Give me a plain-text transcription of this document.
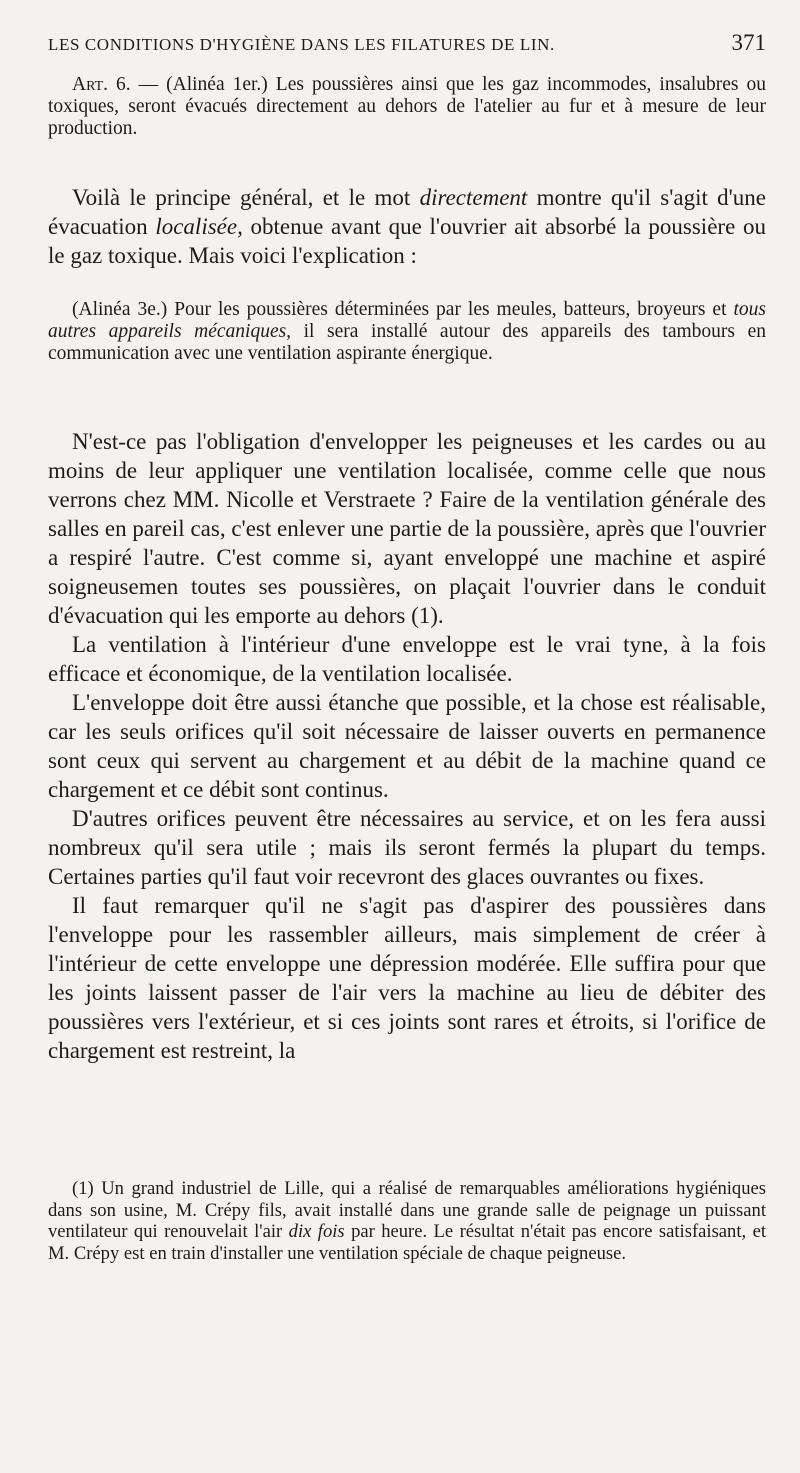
LES CONDITIONS D'HYGIÈNE DANS LES FILATURES DE LIN.	371

Art. 6. — (Alinéa 1er.) Les poussières ainsi que les gaz incommodes, insalubres ou toxiques, seront évacués directement au dehors de l'atelier au fur et à mesure de leur production.

Voilà le principe général, et le mot directement montre qu'il s'agit d'une évacuation localisée, obtenue avant que l'ouvrier ait absorbé la poussière ou le gaz toxique. Mais voici l'explication :

(Alinéa 3e.) Pour les poussières déterminées par les meules, batteurs, broyeurs et tous autres appareils mécaniques, il sera installé autour des appareils des tambours en communication avec une ventilation aspirante énergique.

N'est-ce pas l'obligation d'envelopper les peigneuses et les cardes ou au moins de leur appliquer une ventilation localisée, comme celle que nous verrons chez MM. Nicolle et Verstraete ? Faire de la ventilation générale des salles en pareil cas, c'est enlever une partie de la poussière, après que l'ouvrier a respiré l'autre. C'est comme si, ayant enveloppé une machine et aspiré soigneusemen toutes ses poussières, on plaçait l'ouvrier dans le conduit d'évacuation qui les emporte au dehors (1).

La ventilation à l'intérieur d'une enveloppe est le vrai tyne, à la fois efficace et économique, de la ventilation localisée.

L'enveloppe doit être aussi étanche que possible, et la chose est réalisable, car les seuls orifices qu'il soit nécessaire de laisser ouverts en permanence sont ceux qui servent au chargement et au débit de la machine quand ce chargement et ce débit sont continus.

D'autres orifices peuvent être nécessaires au service, et on les fera aussi nombreux qu'il sera utile ; mais ils seront fermés la plupart du temps. Certaines parties qu'il faut voir recevront des glaces ouvrantes ou fixes.

Il faut remarquer qu'il ne s'agit pas d'aspirer des poussières dans l'enveloppe pour les rassembler ailleurs, mais simplement de créer à l'intérieur de cette enveloppe une dépression modérée. Elle suffira pour que les joints laissent passer de l'air vers la machine au lieu de débiter des poussières vers l'extérieur, et si ces joints sont rares et étroits, si l'orifice de chargement est restreint, la

(1) Un grand industriel de Lille, qui a réalisé de remarquables améliorations hygiéniques dans son usine, M. Crépy fils, avait installé dans une grande salle de peignage un puissant ventilateur qui renouvelait l'air dix fois par heure. Le résultat n'était pas encore satisfaisant, et M. Crépy est en train d'installer une ventilation spéciale de chaque peigneuse.
